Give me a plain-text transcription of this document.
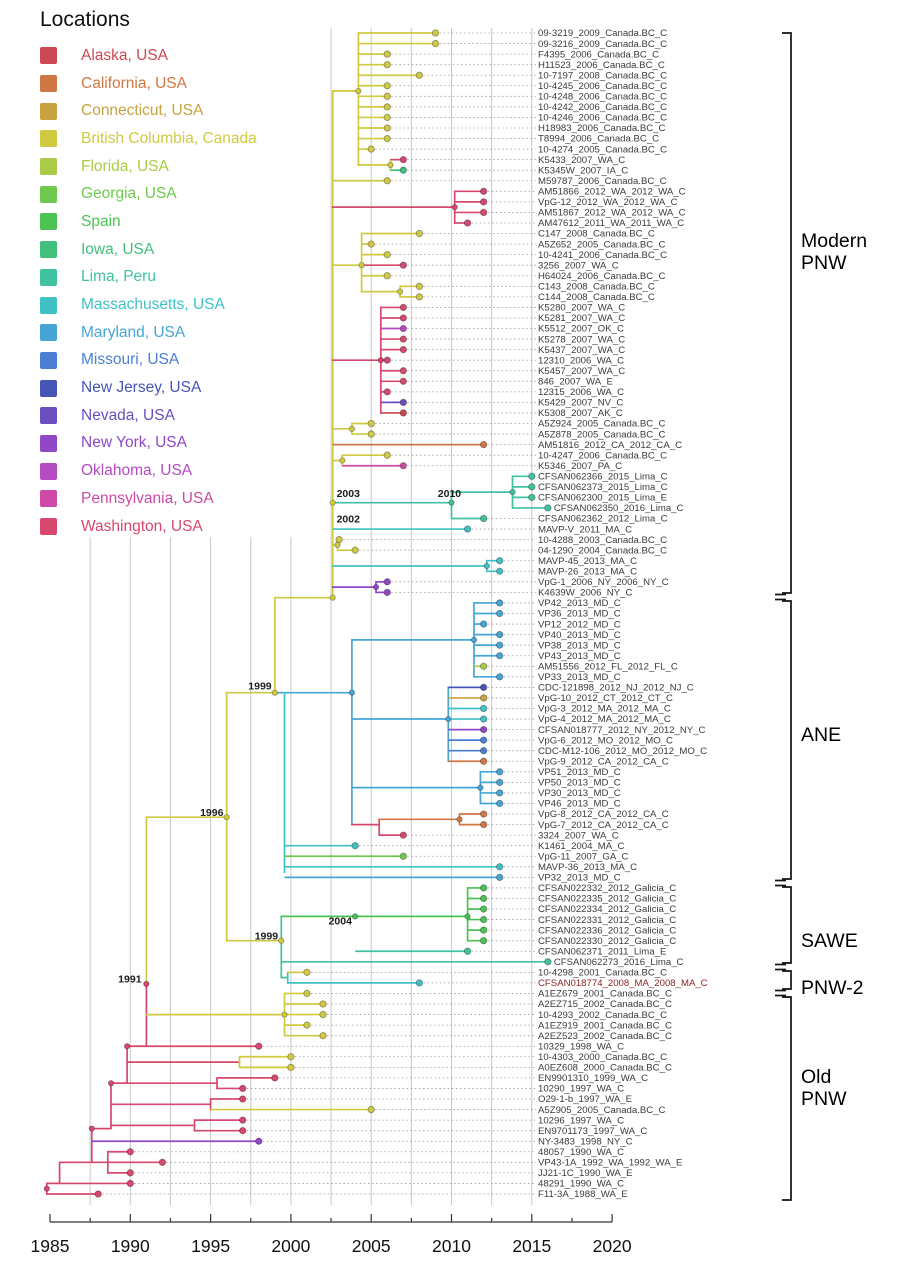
09-3219_2009_Canada.BC_C
09-3216_2009_Canada.BC_C
F4395_2006_Canada.BC_C
H11523_2006_Canada.BC_C
10-7197_2008_Canada.BC_C
10-4245_2006_Canada.BC_C
10-4248_2006_Canada.BC_C
10-4242_2006_Canada.BC_C
10-4246_2006_Canada.BC_C
H18983_2006_Canada.BC_C
T8994_2006_Canada.BC_C
10-4274_2005_Canada.BC_C
K5433_2007_WA_C
K5345W_2007_IA_C
M59787_2006_Canada.BC_C
AM51866_2012_WA_2012_WA_C
VpG-12_2012_WA_2012_WA_C
AM51867_2012_WA_2012_WA_C
AM47612_2011_WA_2011_WA_C
C147_2008_Canada.BC_C
A5Z652_2005_Canada.BC_C
10-4241_2006_Canada.BC_C
3256_2007_WA_C
H64024_2006_Canada.BC_C
C143_2008_Canada.BC_C
C144_2008_Canada.BC_C
K5280_2007_WA_C
K5281_2007_WA_C
K5512_2007_OK_C
K5278_2007_WA_C
K5437_2007_WA_C
12310_2006_WA_C
K5457_2007_WA_C
846_2007_WA_E
12315_2006_WA_C
K5429_2007_NV_C
K5308_2007_AK_C
A5Z924_2005_Canada.BC_C
A5Z878_2005_Canada.BC_C
AM51816_2012_CA_2012_CA_C
10-4247_2006_Canada.BC_C
K5346_2007_PA_C
CFSAN062366_2015_Lima_C
CFSAN062373_2015_Lima_C
CFSAN062300_2015_Lima_E
CFSAN062350_2016_Lima_C
CFSAN062362_2012_Lima_C
MAVP-V_2011_MA_C
10-4288_2003_Canada.BC_C
04-1290_2004_Canada.BC_C
MAVP-45_2013_MA_C
MAVP-26_2013_MA_C
VpG-1_2006_NY_2006_NY_C
K4639W_2006_NY_C
VP42_2013_MD_C
VP36_2013_MD_C
VP12_2012_MD_C
VP40_2013_MD_C
VP38_2013_MD_C
VP43_2013_MD_C
AM51556_2012_FL_2012_FL_C
VP33_2013_MD_C
CDC-121898_2012_NJ_2012_NJ_C
VpG-10_2012_CT_2012_CT_C
VpG-3_2012_MA_2012_MA_C
VpG-4_2012_MA_2012_MA_C
CFSAN018777_2012_NY_2012_NY_C
VpG-6_2012_MO_2012_MO_C
CDC-M12-106_2012_MO_2012_MO_C
VpG-9_2012_CA_2012_CA_C
VP51_2013_MD_C
VP50_2013_MD_C
VP30_2013_MD_C
VP46_2013_MD_C
VpG-8_2012_CA_2012_CA_C
VpG-7_2012_CA_2012_CA_C
3324_2007_WA_C
K1461_2004_MA_C
VpG-11_2007_GA_C
MAVP-36_2013_MA_C
VP32_2013_MD_C
CFSAN022332_2012_Galicia_C
CFSAN022335_2012_Galicia_C
CFSAN022334_2012_Galicia_C
CFSAN022331_2012_Galicia_C
CFSAN022336_2012_Galicia_C
CFSAN022330_2012_Galicia_C
CFSAN062371_2011_Lima_E
CFSAN062273_2016_Lima_C
10-4298_2001_Canada.BC_C
CFSAN018774_2008_MA_2008_MA_C
A1EZ679_2001_Canada.BC_C
A2EZ715_2002_Canada.BC_C
10-4293_2002_Canada.BC_C
A1EZ919_2001_Canada.BC_C
A2EZ523_2002_Canada.BC_C
10329_1998_WA_C
10-4303_2000_Canada.BC_C
A0EZ608_2000_Canada.BC_C
EN9901310_1999_WA_C
10290_1997_WA_C
O29-1-b_1997_WA_E
A5Z905_2005_Canada.BC_C
10296_1997_WA_C
EN9701173_1997_WA_C
NY-3483_1998_NY_C
48057_1990_WA_C
VP43-1A_1992_WA_1992_WA_E
JJ21-1C_1990_WA_E
48291_1990_WA_C
F11-3A_1988_WA_E
2003	2010
2002
1999
1996
2004
1999
1991
Modern
PNW
ANE
SAWE
PNW-2
Old
PNW
1985 1990 1995 2000 2005 2010 2015 2020
Locations
Alaska, USA
California, USA
Connecticut, USA
British Columbia, Canada
Florida, USA
Georgia, USA
Spain
Iowa, USA
Lima, Peru
Massachusetts, USA
Maryland, USA
Missouri, USA
New Jersey, USA
Nevada, USA
New York, USA
Oklahoma, USA
Pennsylvania, USA
Washington, USA
